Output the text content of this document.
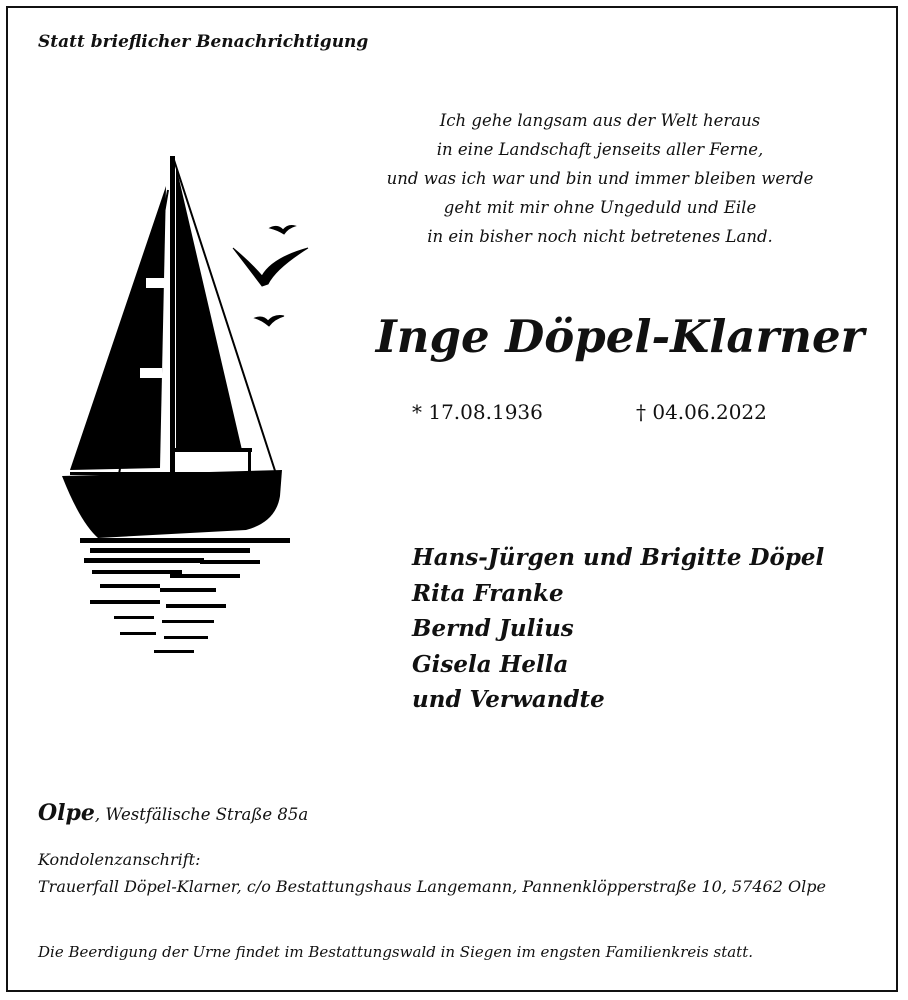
Statt brieflicher Benachrichtigung
Ich gehe langsam aus der Welt heraus
in eine Landschaft jenseits aller Ferne,
und was ich war und bin und immer bleiben werde
geht mit mir ohne Ungeduld und Eile
in ein bisher noch nicht betretenes Land.
Inge Döpel-Klarner
* 17.08.1936	† 04.06.2022
Hans-Jürgen und Brigitte Döpel
Rita Franke
Bernd Julius
Gisela Hella
und Verwandte
Olpe, Westfälische Straße 85a
Kondolenzanschrift:
Trauerfall Döpel-Klarner, c/o Bestattungshaus Langemann, Pannenklöpperstraße 10, 57462 Olpe
Die Beerdigung der Urne findet im Bestattungswald in Siegen im engsten Familienkreis statt.
